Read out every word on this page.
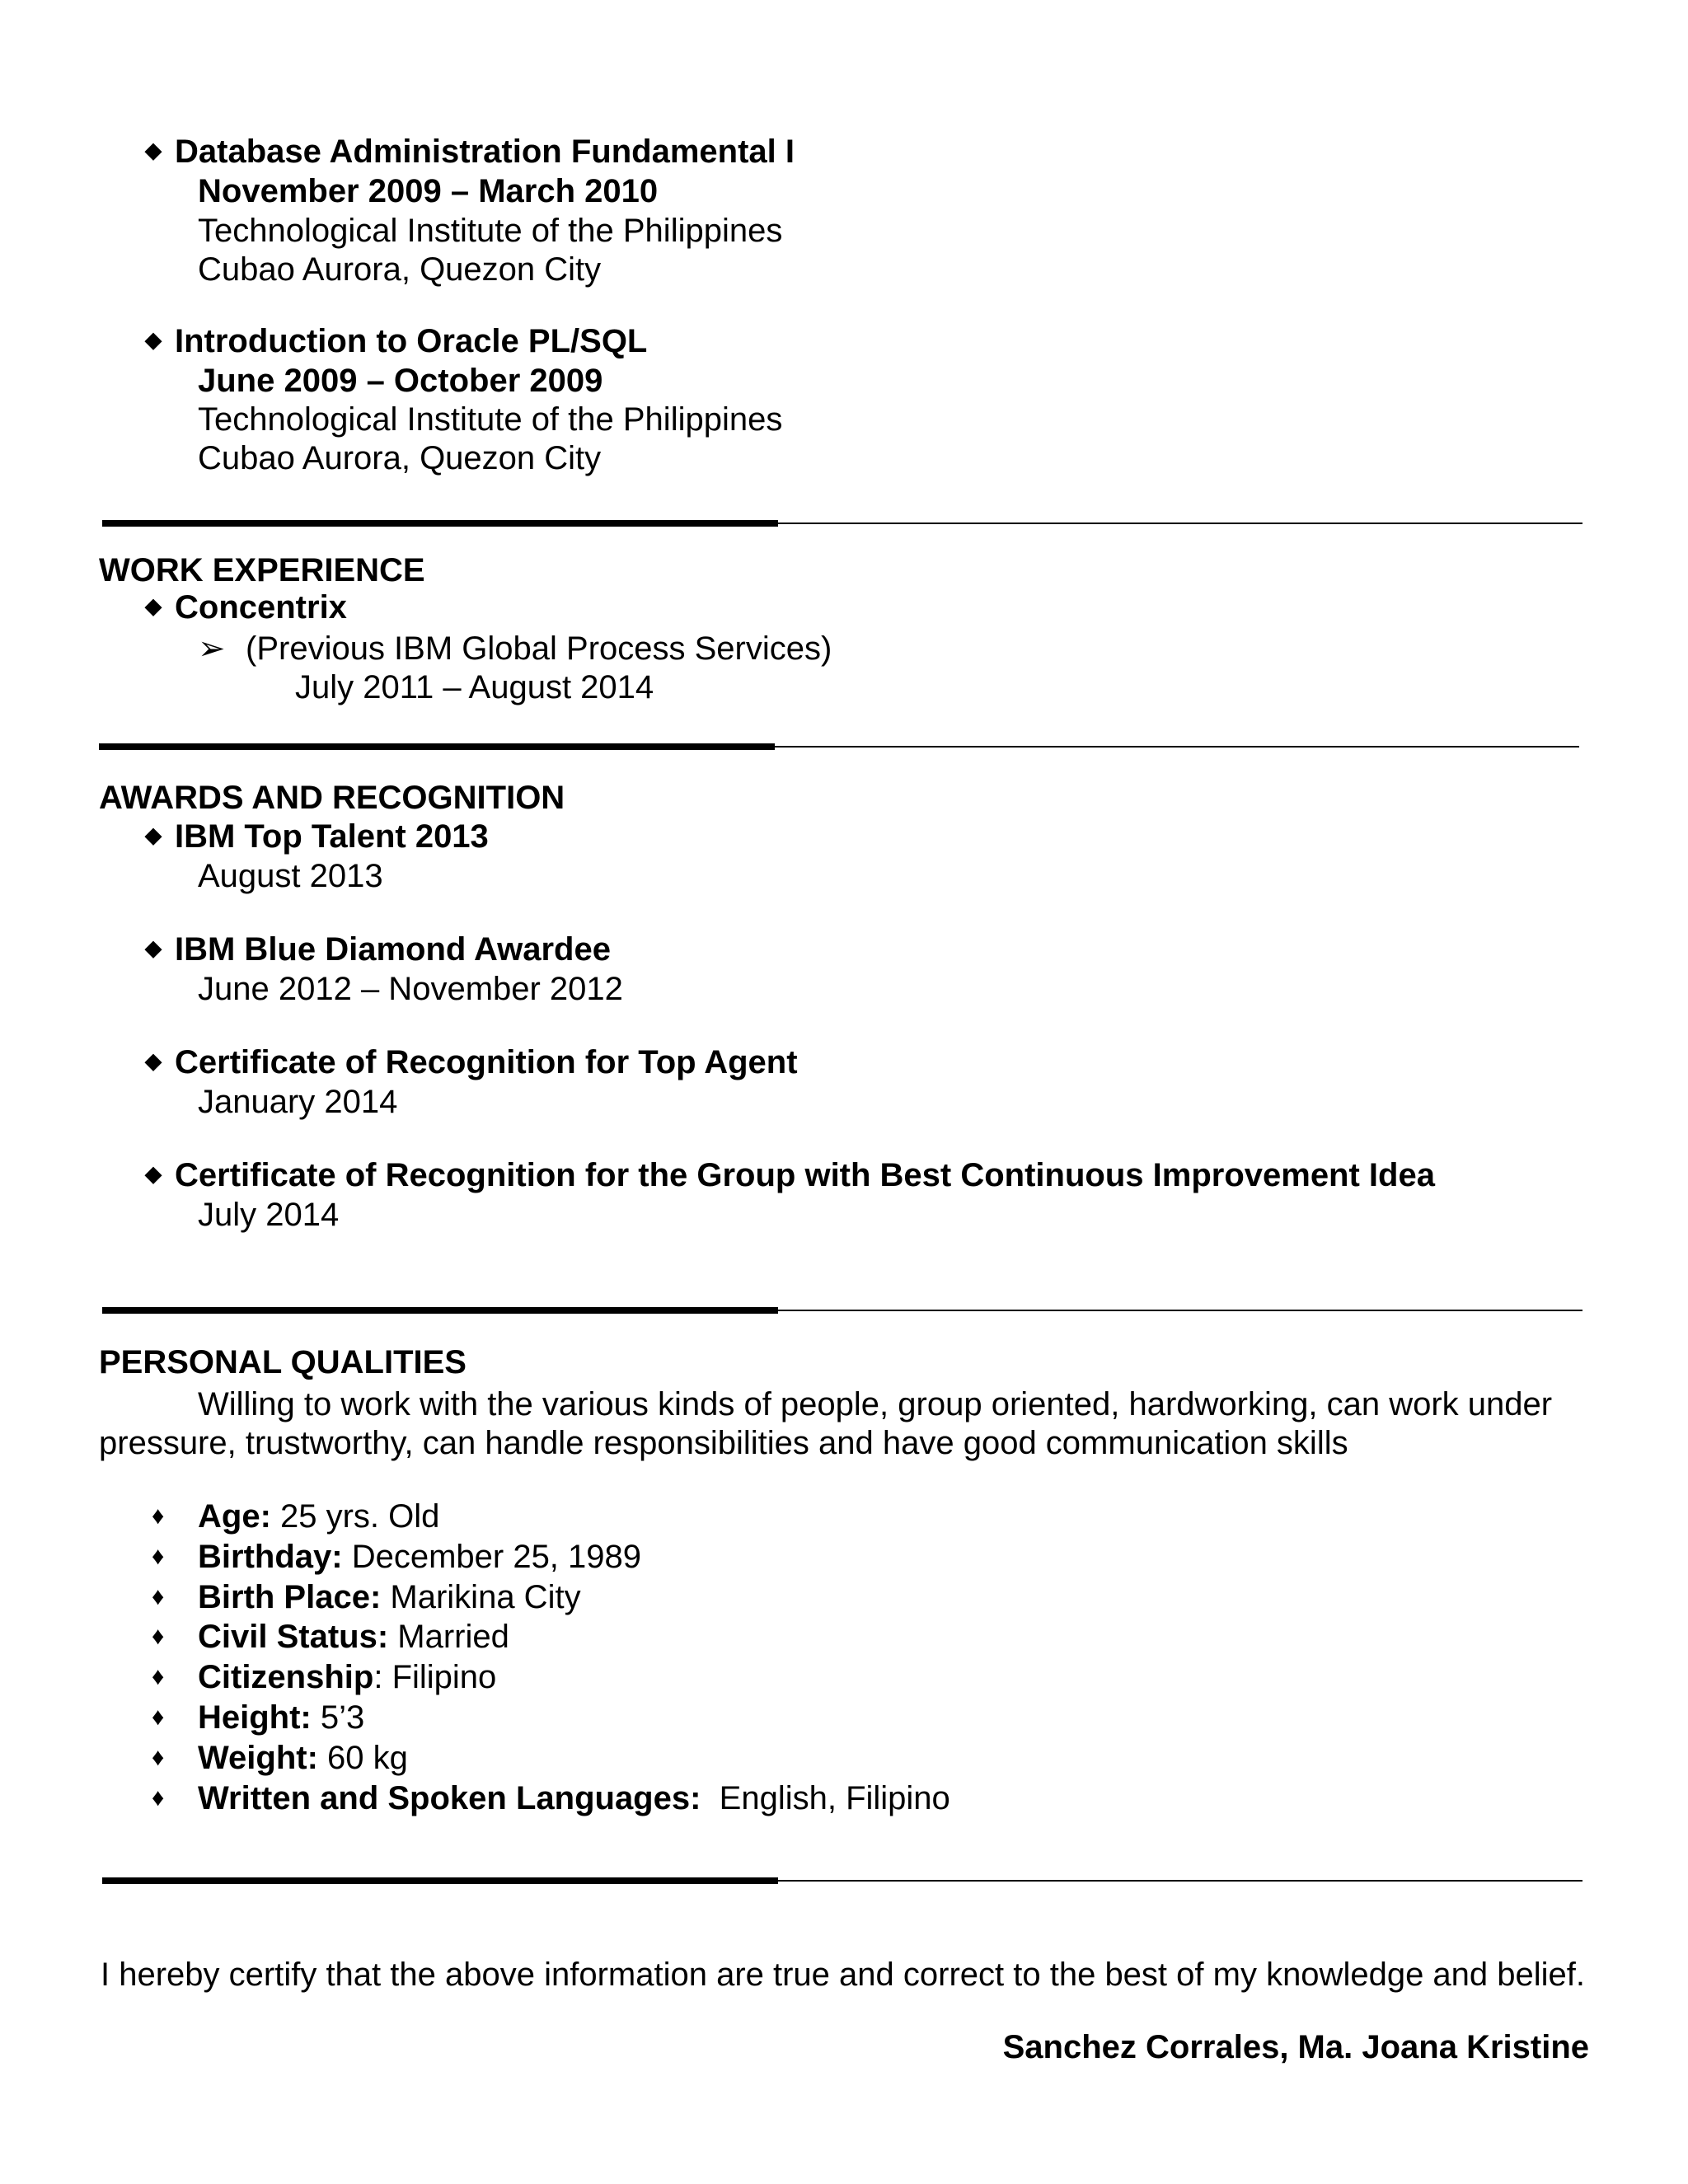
◆ Database Administration Fundamental I
November 2009 – March 2010
Technological Institute of the Philippines
Cubao Aurora, Quezon City
◆ Introduction to Oracle PL/SQL
June 2009 – October 2009
Technological Institute of the Philippines
Cubao Aurora, Quezon City
WORK EXPERIENCE
◆ Concentrix
➢ (Previous IBM Global Process Services)
July 2011 – August 2014
AWARDS AND RECOGNITION
◆ IBM Top Talent 2013
August 2013
◆ IBM Blue Diamond Awardee
June 2012 – November 2012
◆ Certificate of Recognition for Top Agent
January 2014
◆ Certificate of Recognition for the Group with Best Continuous Improvement Idea
July 2014
PERSONAL QUALITIES
Willing to work with the various kinds of people, group oriented, hardworking, can work under
pressure, trustworthy, can handle responsibilities and have good communication skills
♦ Age: 25 yrs. Old
♦ Birthday: December 25, 1989
♦ Birth Place: Marikina City
♦ Civil Status: Married
♦ Citizenship: Filipino
♦ Height: 5’3
♦ Weight: 60 kg
♦ Written and Spoken Languages:  English, Filipino
I hereby certify that the above information are true and correct to the best of my knowledge and belief.
Sanchez Corrales, Ma. Joana Kristine
